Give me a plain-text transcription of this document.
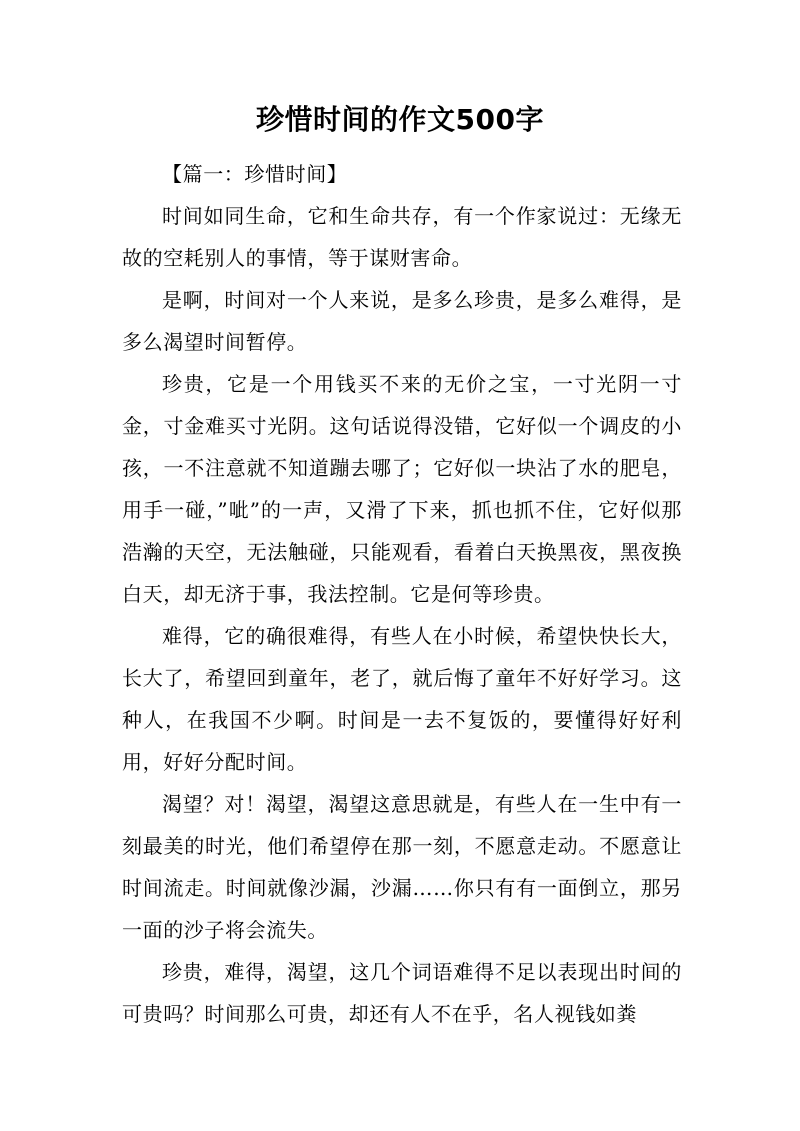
珍惜时间的作文500字

【篇一：珍惜时间】

时间如同生命，它和生命共存，有一个作家说过：无缘无故的空耗别人的事情，等于谋财害命。

是啊，时间对一个人来说，是多么珍贵，是多么难得，是多么渴望时间暂停。

珍贵，它是一个用钱买不来的无价之宝，一寸光阴一寸金，寸金难买寸光阴。这句话说得没错，它好似一个调皮的小孩，一不注意就不知道蹦去哪了；它好似一块沾了水的肥皂，用手一碰，”呲”的一声，又滑了下来，抓也抓不住，它好似那浩瀚的天空，无法触碰，只能观看，看着白天换黑夜，黑夜换白天，却无济于事，我法控制。它是何等珍贵。

难得，它的确很难得，有些人在小时候，希望快快长大，长大了，希望回到童年，老了，就后悔了童年不好好学习。这种人，在我国不少啊。时间是一去不复饭的，要懂得好好利用，好好分配时间。

渴望？对！渴望，渴望这意思就是，有些人在一生中有一刻最美的时光，他们希望停在那一刻，不愿意走动。不愿意让时间流走。时间就像沙漏，沙漏……你只有有一面倒立，那另一面的沙子将会流失。

珍贵，难得，渴望，这几个词语难得不足以表现出时间的可贵吗？时间那么可贵，却还有人不在乎，名人视钱如粪
